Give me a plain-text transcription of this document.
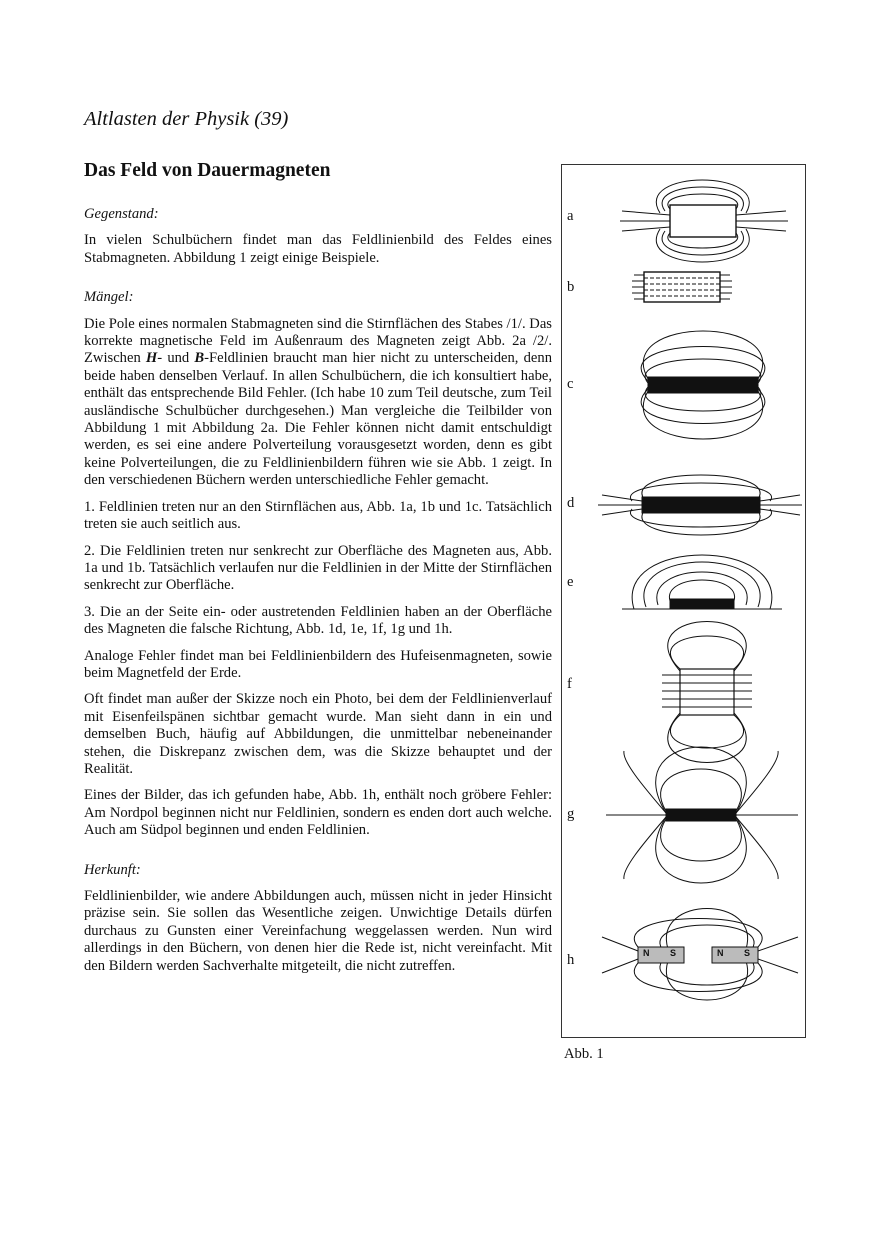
Altlasten der Physik (39)
Das Feld von Dauermagneten
Gegenstand:

In vielen Schulbüchern findet man das Feldlinienbild des Feldes eines Stabmagneten. Abbildung 1 zeigt einige Beispiele.

Mängel:

Die Pole eines normalen Stabmagneten sind die Stirnflächen des Stabes /1/. Das korrekte magnetische Feld im Außenraum des Magneten zeigt Abb. 2a /2/. Zwischen H- und B-Feldlinien braucht man hier nicht zu unterscheiden, denn beide haben denselben Verlauf. In allen Schulbüchern, die ich konsultiert habe, enthält das entsprechende Bild Fehler. (Ich habe 10 zum Teil deutsche, zum Teil ausländische Schulbücher durchgesehen.) Man vergleiche die Teilbilder von Abbildung 1 mit Abbildung 2a. Die Fehler können nicht damit entschuldigt werden, es sei eine andere Polverteilung vorausgesetzt worden, denn es gibt keine Polverteilungen, die zu Feldlinienbildern führen wie sie Abb. 1 zeigt. In den verschiedenen Büchern werden unterschiedliche Fehler gemacht.

1. Feldlinien treten nur an den Stirnflächen aus, Abb. 1a, 1b und 1c. Tatsächlich treten sie auch seitlich aus.

2. Die Feldlinien treten nur senkrecht zur Oberfläche des Magneten aus, Abb. 1a und 1b. Tatsächlich verlaufen nur die Feldlinien in der Mitte der Stirnflächen senkrecht zur Oberfläche.

3. Die an der Seite ein- oder austretenden Feldlinien haben an der Oberfläche des Magneten die falsche Richtung, Abb. 1d, 1e, 1f, 1g und 1h.

Analoge Fehler findet man bei Feldlinienbildern des Hufeisenmagneten, sowie beim Magnetfeld der Erde.

Oft findet man außer der Skizze noch ein Photo, bei dem der Feldlinienverlauf mit Eisenfeilspänen sichtbar gemacht wurde. Man sieht dann in ein und demselben Buch, häufig auf Abbildungen, die unmittelbar nebeneinander stehen, die Diskrepanz zwischen dem, was die Skizze behauptet und der Realität.

Eines der Bilder, das ich gefunden habe, Abb. 1h, enthält noch gröbere Fehler: Am Nordpol beginnen nicht nur Feldlinien, sondern es enden dort auch welche. Auch am Südpol beginnen und enden Feldlinien.

Herkunft:

Feldlinienbilder, wie andere Abbildungen auch, müssen nicht in jeder Hinsicht präzise sein. Sie sollen das Wesentliche zeigen. Unwichtige Details dürfen durchaus zu Gunsten einer Vereinfachung weggelassen werden. Nun wird allerdings in den Büchern, von denen hier die Rede ist, nicht vereinfacht. Mit den Bildern werden Sachverhalte mitgeteilt, die nicht zutreffen.

a
b
c
d
e
f
g
h	N S	N S
Abb. 1
